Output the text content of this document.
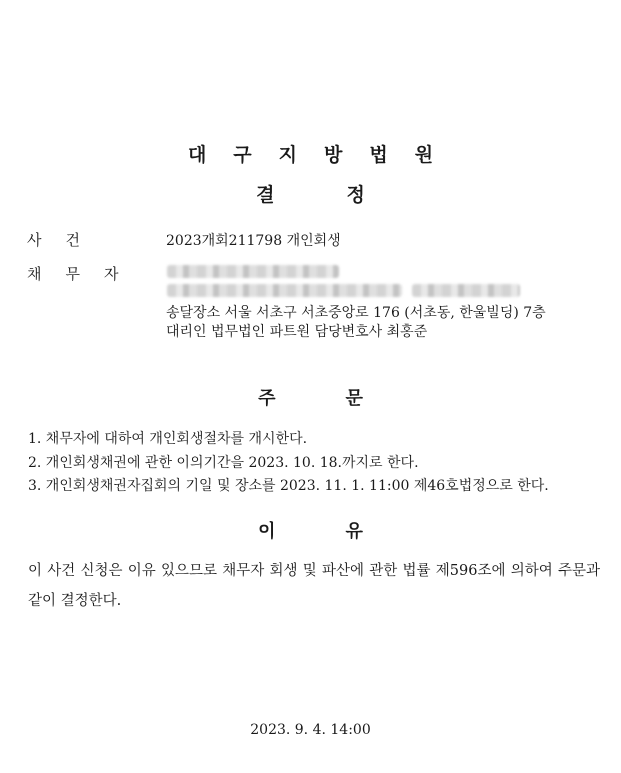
대구지방법원
결정
사건	2023개회211798 개인회생
채무자
송달장소 서울 서초구 서초중앙로 176 (서초동, 한울빌딩) 7층
대리인 법무법인 파트원 담당변호사 최홍준
주문
1. 채무자에 대하여 개인회생절차를 개시한다.
2. 개인회생채권에 관한 이의기간을 2023. 10. 18.까지로 한다.
3. 개인회생채권자집회의 기일 및 장소를 2023. 11. 1. 11:00 제46호법정으로 한다.
이유
이 사건 신청은 이유 있으므로 채무자 회생 및 파산에 관한 법률 제596조에 의하여 주문과 같이 결정한다.
2023. 9. 4. 14:00
